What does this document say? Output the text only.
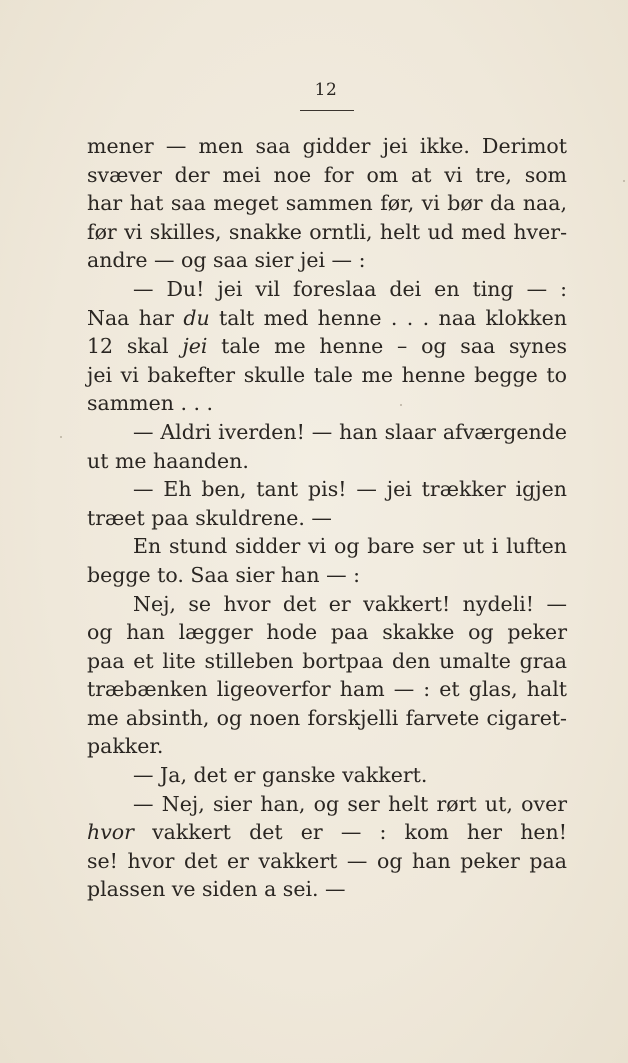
12
mener — men saa gidder jei ikke. Derimot
svæver der mei noe for om at vi tre, som
har hat saa meget sammen før, vi bør da naa,
før vi skilles, snakke orntli, helt ud med hver-
andre — og saa sier jei — :
— Du! jei vil foreslaa dei en ting — :
Naa har du talt med henne . . . naa klokken
12 skal jei tale me henne – og saa synes
jei vi bakefter skulle tale me henne begge to
sammen . . .
— Aldri iverden! — han slaar afværgende
ut me haanden.
— Eh ben, tant pis! — jei trækker igjen
træet paa skuldrene. —
En stund sidder vi og bare ser ut i luften
begge to. Saa sier han — :
Nej, se hvor det er vakkert! nydeli! —
og han lægger hode paa skakke og peker
paa et lite stilleben bortpaa den umalte graa
træbænken ligeoverfor ham — : et glas, halt
me absinth, og noen forskjelli farvete cigaret-
pakker.
— Ja, det er ganske vakkert.
— Nej, sier han, og ser helt rørt ut, over
hvor vakkert det er — : kom her hen!
se! hvor det er vakkert — og han peker paa
plassen ve siden a sei. —
